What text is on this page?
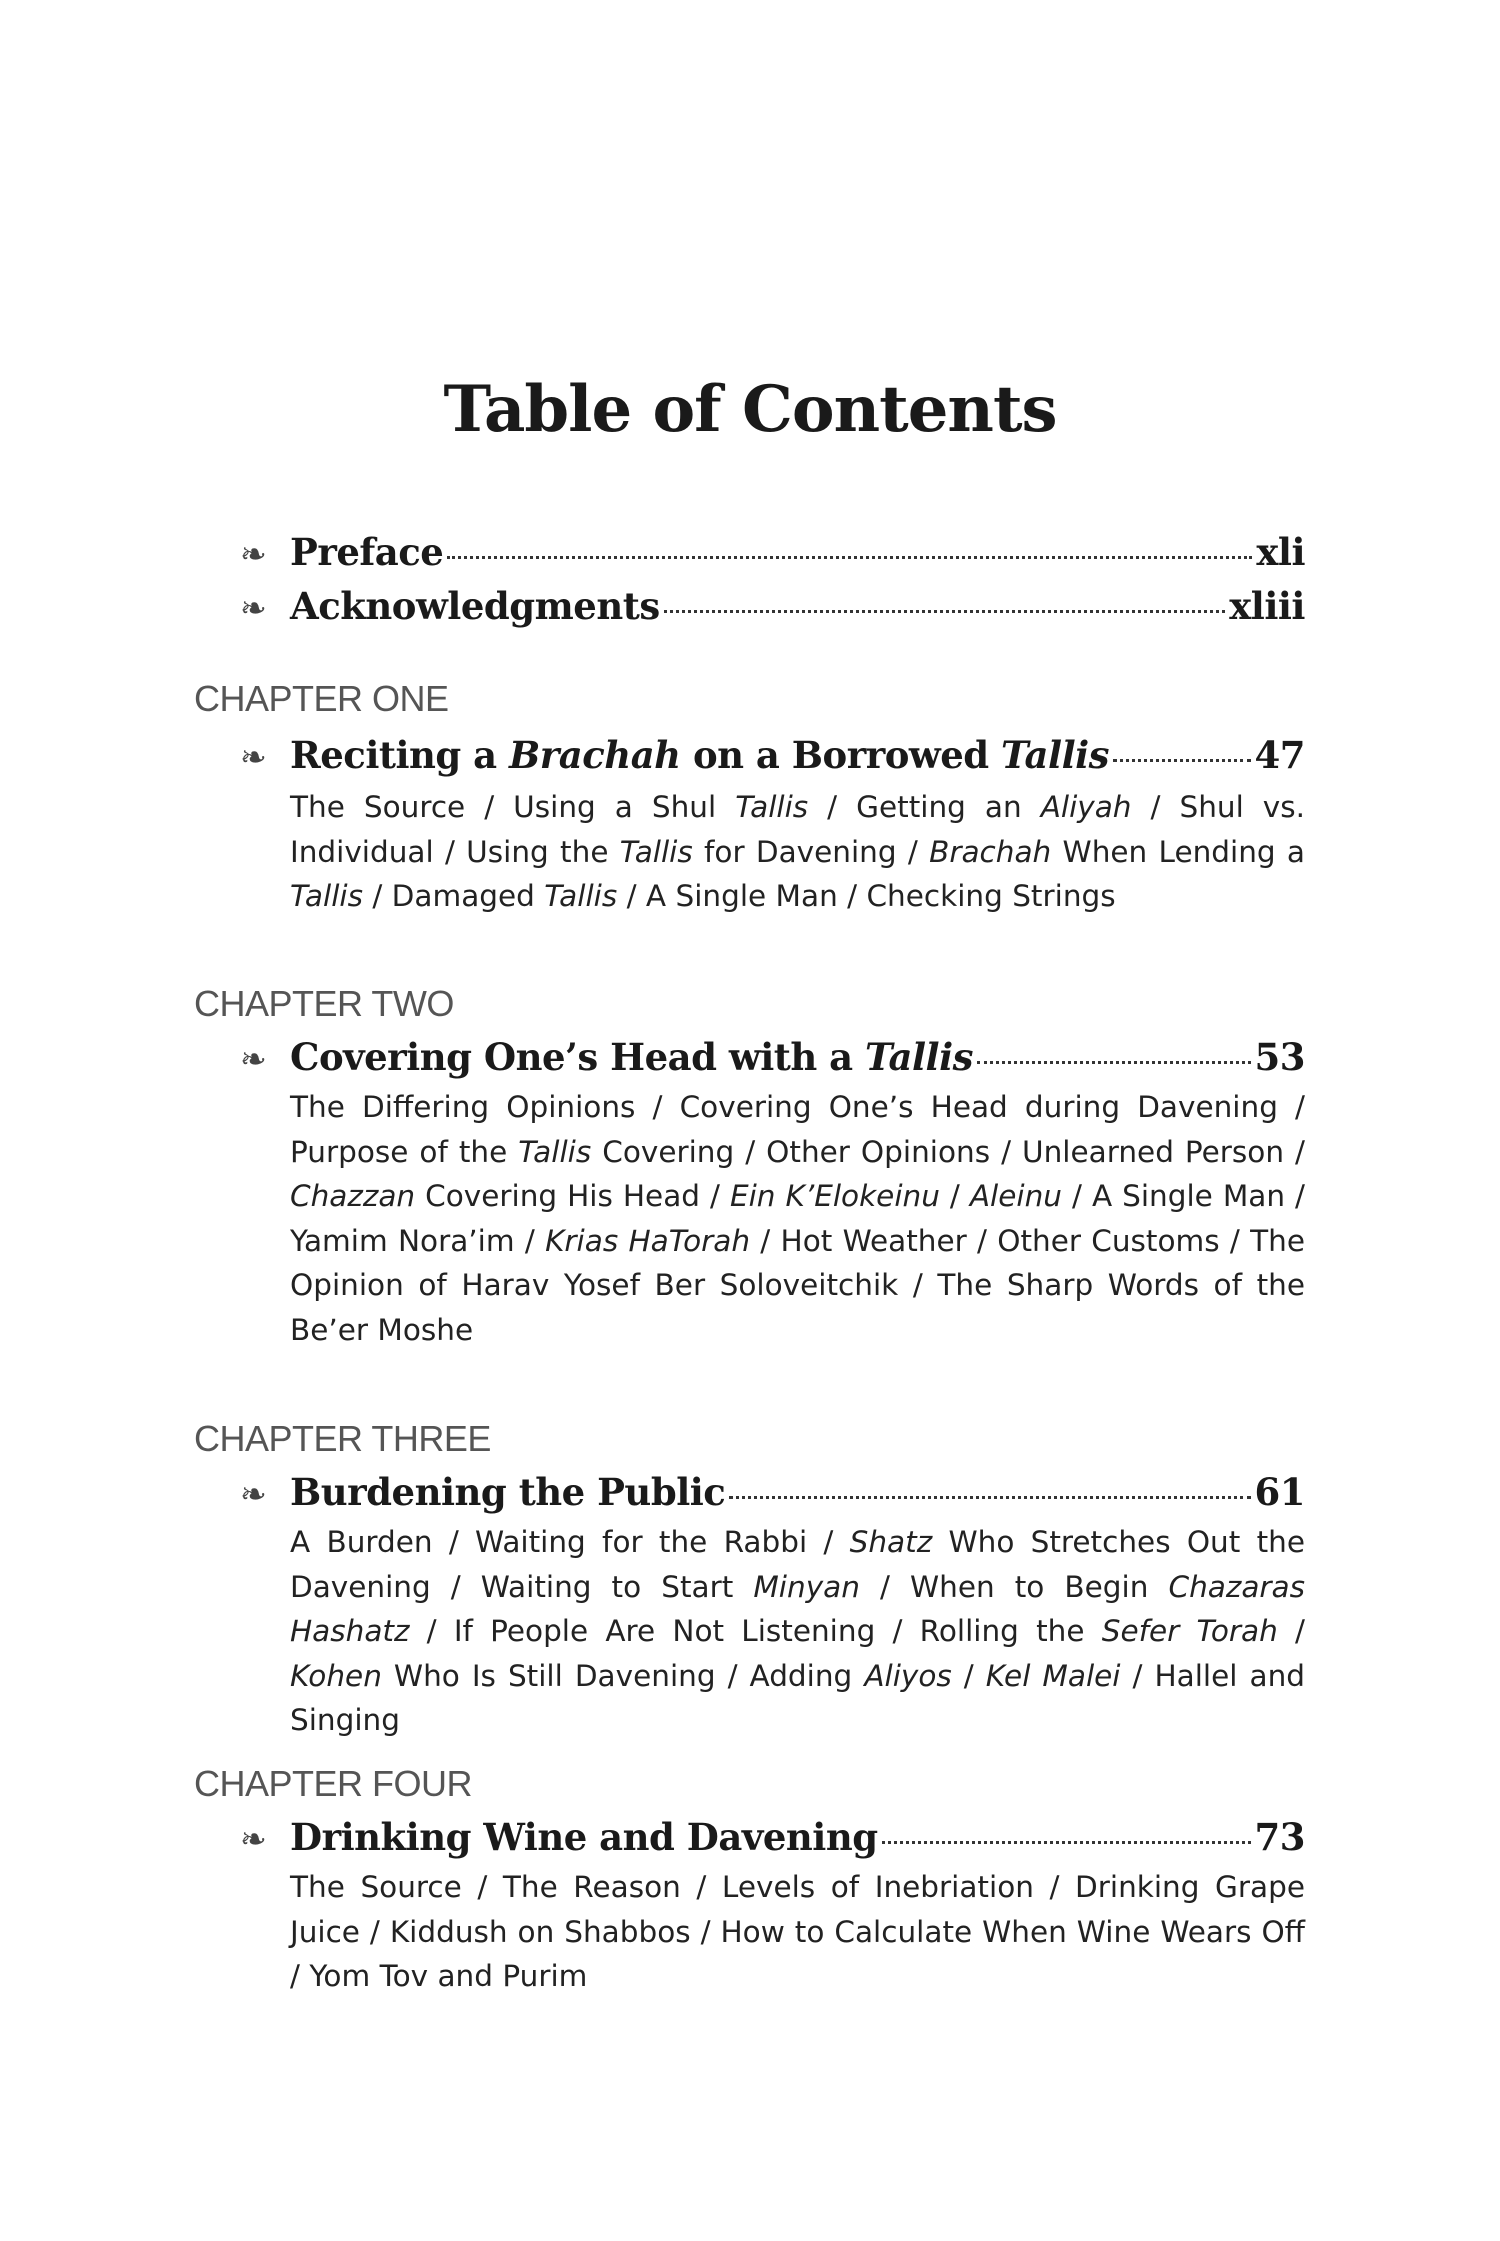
Table of Contents
❧ Preface	xli
❧ Acknowledgments	xliii
CHAPTER ONE
❧ Reciting a Brachah on a Borrowed Tallis	47

The Source / Using a Shul Tallis / Getting an Aliyah / Shul vs. Individual / Using the Tallis for Davening / Brachah When Lending a Tallis / Damaged Tallis / A Single Man / Checking Strings

CHAPTER TWO
❧ Covering One’s Head with a Tallis	53

The Differing Opinions / Covering One’s Head during Davening / Purpose of the Tallis Covering / Other Opinions / Unlearned Person / Chazzan Covering His Head / Ein K’Elokeinu / Aleinu / A Single Man / Yamim Nora’im / Krias HaTorah / Hot Weather / Other Customs / The Opinion of Harav Yosef Ber Soloveitchik / The Sharp Words of the Be’er Moshe

CHAPTER THREE
❧ Burdening the Public	61

A Burden / Waiting for the Rabbi / Shatz Who Stretches Out the Davening / Waiting to Start Minyan / When to Begin Chazaras Hashatz / If People Are Not Listening / Rolling the Sefer Torah / Kohen Who Is Still Davening / Adding Aliyos / Kel Malei / Hallel and Singing

CHAPTER FOUR
❧ Drinking Wine and Davening	73

The Source / The Reason / Levels of Inebriation / Drinking Grape Juice / Kiddush on Shabbos / How to Calculate When Wine Wears Off / Yom Tov and Purim
